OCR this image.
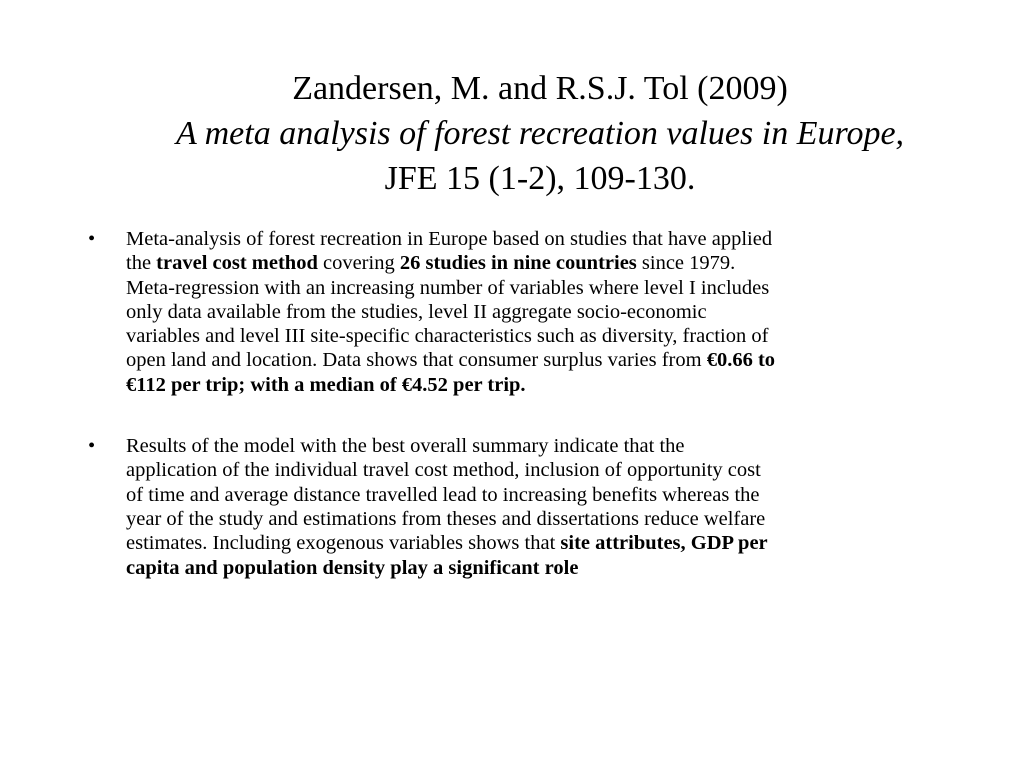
Zandersen, M. and R.S.J. Tol (2009)
A meta analysis of forest recreation values in Europe,
JFE 15 (1-2), 109-130.
•	Meta-analysis of forest recreation in Europe based on studies that have applied
the travel cost method covering 26 studies in nine countries since 1979.
Meta-regression with an increasing number of variables where level I includes
only data available from the studies, level II aggregate socio-economic
variables and level III site-specific characteristics such as diversity, fraction of
open land and location. Data shows that consumer surplus varies from €0.66 to
€112 per trip; with a median of €4.52 per trip.
•	Results of the model with the best overall summary indicate that the
application of the individual travel cost method, inclusion of opportunity cost
of time and average distance travelled lead to increasing benefits whereas the
year of the study and estimations from theses and dissertations reduce welfare
estimates. Including exogenous variables shows that site attributes, GDP per
capita and population density play a significant role
